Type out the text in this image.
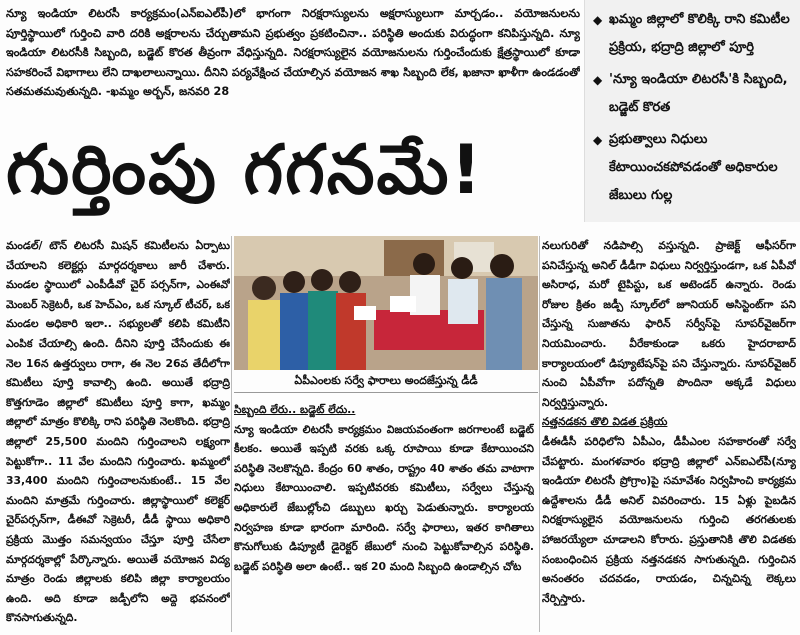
న్యూ ఇండియా లిటరసీ కార్యక్రమం(ఎన్‌ఐఎల్‌పీ)లో భాగంగా నిరక్షరాస్యులను అక్షరాస్యులుగా మార్చడం.. వయోజనులను పూర్తిస్థాయిలో గుర్తించి వారి దరికి అక్షరాలను చేర్చుతామని ప్రభుత్వం ప్రకటించినా.. పరిస్థితి అందుకు విరుద్ధంగా కనిపిస్తున్నది. న్యూ ఇండియా లిటరసీకి సిబ్బంది, బడ్జెట్‌ కొరత తీవ్రంగా వేధిస్తున్నది. నిరక్షరాస్యులైన వయోజనులను గుర్తించేందుకు క్షేత్రస్థాయిలో కూడా సహకరించే విభాగాలు లేని దాఖలాలున్నాయి. దీనిని పర్యవేక్షించ చేయాల్సిన వయోజన శాఖ సిబ్బంది లేక, ఖజానా ఖాళీగా ఉండడంతో సతమతమవుతున్నది. -ఖమ్మం అర్బన్‌, జనవరి 28

◆ ఖమ్మం జిల్లాలో కొలిక్కి రాని కమిటీల ప్రక్రియ, భద్రాద్రి జిల్లాలో పూర్తి
◆ 'న్యూ ఇండియా లిటరసీ'కి సిబ్బంది, బడ్జెట్‌ కొరత
◆ ప్రభుత్వాలు నిధులు కేటాయించకపోవడంతో అధికారుల జేబులు గుల్ల
గుర్తింపు గగనమే!

మండల్‌/ టౌన్‌ లిటరసీ మిషన్‌ కమిటీలను ఏర్పాటు చేయాలని కలెక్టర్లు మార్గదర్శకాలు జారీ చేశారు. మండల స్థాయిలో ఎంపీడీవో చైర్‌ పర్సన్‌గా, ఎంఈవో మెంబర్‌ సెక్రెటరీ, ఒక హెచ్‌ఎం, ఒక స్కూల్‌ టీచర్‌, ఒక మండల అధికారి ఇలా.. సభ్యులతో కలిపి కమిటీని ఎంపిక చేయాల్సి ఉంది. దీనిని పూర్తి చేసేందుకు ఈ నెల 16న ఉత్తర్వులు రాగా, ఈ నెల 26వ తేదీలోగా కమిటీలు పూర్తి కావాల్సి ఉంది. అయితే భద్రాద్రి కొత్తగూడెం జిల్లాలో కమిటీలు పూర్తి కాగా, ఖమ్మం జిల్లాలో మాత్రం కొలిక్కి రాని పరిస్థితి నెలకొంది. భద్రాద్రి జిల్లాలో 25,500 మందిని గుర్తించాలని లక్ష్యంగా పెట్టుకోగా.. 11 వేల మందిని గుర్తించారు. ఖమ్మంలో 33,400 మందిని గుర్తించాలనుకుంటే.. 15 వేల మందిని మాత్రమే గుర్తించారు. జిల్లాస్థాయిలో కలెక్టర్‌ చైర్‌పర్సన్‌గా, డీఈవో సెక్రెటరీ, డీడీ స్థాయి అధికారి ప్రక్రియ మొత్తం సమన్వయం చేస్తూ పూర్తి చేసేలా మార్గదర్శకాల్లో పేర్కొన్నారు. అయితే వయోజన విద్య మాత్రం రెండు జిల్లాలకు కలిపి జిల్లా కార్యాలయం ఉంది. అది కూడా జడ్పీలోని అద్దె భవనంలో కొనసాగుతున్నది.

ఏపీఎంలకు సర్వే ఫారాలు అందజేస్తున్న డీడీ

సిబ్బంది లేరు.. బడ్జెట్‌ లేదు..

న్యూ ఇండియా లిటరసీ కార్యక్రమం విజయవంతంగా జరగాలంటే బడ్జెట్‌ కీలకం. అయితే ఇప్పటి వరకు ఒక్క రూపాయి కూడా కేటాయించని పరిస్థితి నెలకొన్నది. కేంద్రం 60 శాతం, రాష్ట్రం 40 శాతం తమ వాటాగా నిధులు కేటాయించాలి. ఇప్పటివరకు కమిటీలు, సర్వేలు చేస్తున్న అధికారులే జేబుల్లోంచి డబ్బులు ఖర్చు పెడుతున్నారు. కార్యాలయ నిర్వహణ కూడా భారంగా మారింది. సర్వే ఫారాలు, ఇతర కాగితాలు కొనుగోలుకు డిప్యూటీ డైరెక్టర్‌ జేబులో నుంచి పెట్టుకోవాల్సిన పరిస్థితి. బడ్జెట్‌ పరిస్థితి అలా ఉంటే.. ఇక 20 మంది సిబ్బంది ఉండాల్సిన చోట

నలుగురితో నడిపాల్సి వస్తున్నది. ప్రాజెక్ట్‌ ఆఫీసర్‌గా పనిచేస్తున్న అనిల్‌ డీడీగా విధులు నిర్వర్తిస్తుండగా, ఒక ఏపీవో అసిరాధ, మరో టైపిస్టు, ఒక అటెండర్‌ ఉన్నారు. రెండు రోజుల క్రితం జడ్పీ స్కూల్‌లో జూనియర్‌ అసిస్టెంట్‌గా పని చేస్తున్న సుజాతను ఫారిన్‌ సర్వీస్‌పై సూపర్‌వైజర్‌గా నియమించారు. వీరేకాకుండా ఒకరు హైదరాబాద్‌ కార్యాలయంలో డిప్యూటేషన్‌పై పని చేస్తున్నారు. సూపర్‌వైజర్‌ నుంచి ఏపీవోగా పదోన్నతి పొందినా అక్కడే విధులు నిర్వర్తిస్తున్నారు.

నత్తనడకన తొలి విడత ప్రక్రియ

డీఈడీసీ పరిధిలోని ఏపీఎం, డీపీఎంల సహకారంతో సర్వే చేపట్టారు. మంగళవారం భద్రాద్రి జిల్లాలో ఎన్‌ఐఎల్‌పీ(న్యూ ఇండియా లిటరసీ ప్రోగ్రాం)పై సమావేశం నిర్వహించి కార్యక్రమ ఉద్దేశాలను డీడీ అనిల్‌ వివరించారు. 15 ఏళ్లు పైబడిన నిరక్షరాస్యులైన వయోజనులను గుర్తించి తరగతులకు హాజరయ్యేలా చూడాలని కోరారు. ప్రస్తుతానికి తొలి విడతకు సంబంధించిన ప్రక్రియ నత్తనడకన సాగుతున్నది. గుర్తించిన అనంతరం చదవడం, రాయడం, చిన్నచిన్న లెక్కలు నేర్పిస్తారు.
